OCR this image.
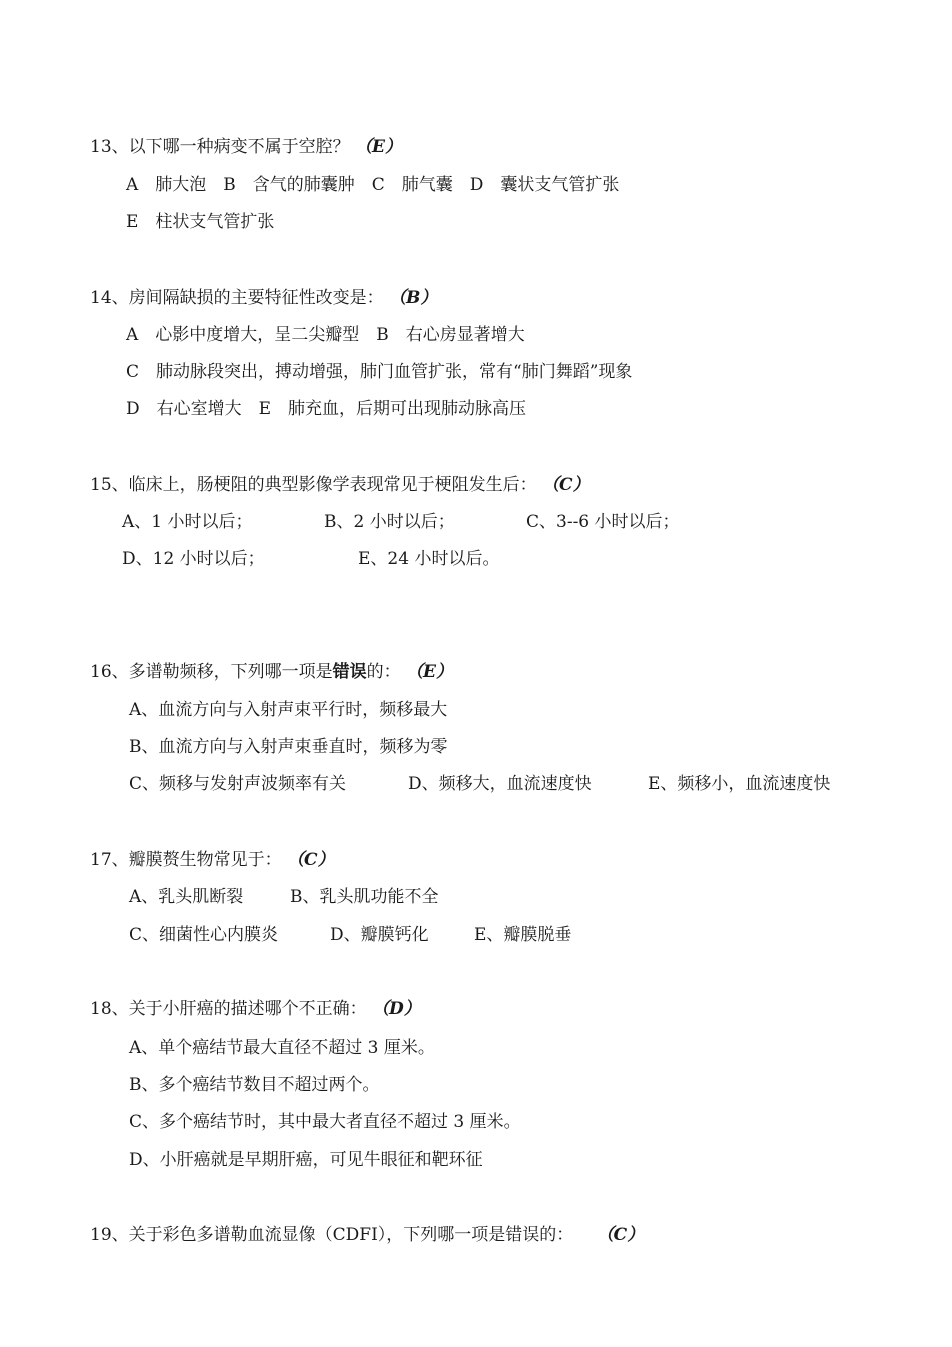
13、以下哪一种病变不属于空腔？ （E）
A　肺大泡　B　含气的肺囊肿　C　肺气囊　D　囊状支气管扩张
E　柱状支气管扩张
14、房间隔缺损的主要特征性改变是： （B）
A　心影中度增大，呈二尖瓣型　B　右心房显著增大
C　肺动脉段突出，搏动增强，肺门血管扩张，常有“肺门舞蹈”现象
D　右心室增大　E　肺充血，后期可出现肺动脉高压
15、临床上，肠梗阻的典型影像学表现常见于梗阻发生后： （C）
A、1 小时以后；	B、2 小时以后；	C、3--6 小时以后；
D、12 小时以后；	E、24 小时以后。
16、多谱勒频移，下列哪一项是错误的： （E）
A、血流方向与入射声束平行时，频移最大
B、血流方向与入射声束垂直时，频移为零
C、频移与发射声波频率有关	D、频移大，血流速度快	E、频移小，血流速度快
17、瓣膜赘生物常见于： （C）
A、乳头肌断裂	B、乳头肌功能不全
C、细菌性心内膜炎	D、瓣膜钙化	E、瓣膜脱垂
18、关于小肝癌的描述哪个不正确： （D）
A、单个癌结节最大直径不超过 3 厘米。
B、多个癌结节数目不超过两个。
C、多个癌结节时，其中最大者直径不超过 3 厘米。
D、小肝癌就是早期肝癌，可见牛眼征和靶环征
19、关于彩色多谱勒血流显像（CDFI），下列哪一项是错误的： （C）
